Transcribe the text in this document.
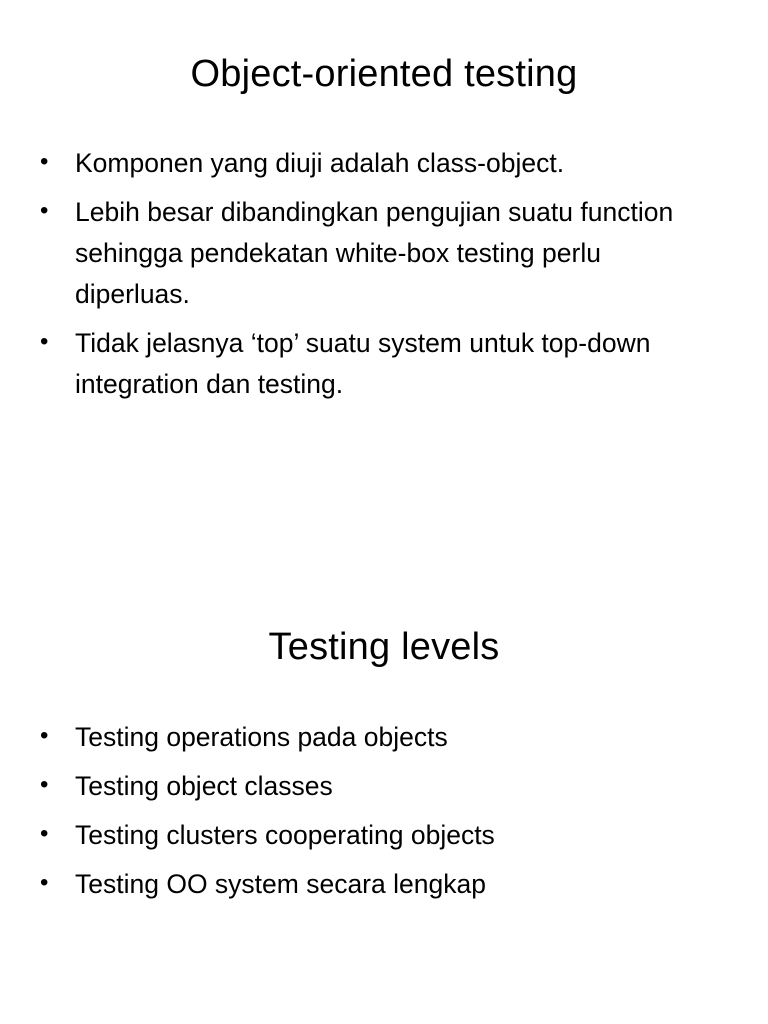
Object-oriented testing
• Komponen yang diuji adalah class-object.
• Lebih besar dibandingkan pengujian suatu function sehingga pendekatan white-box testing perlu diperluas.
• Tidak jelasnya ‘top’ suatu system untuk top-down integration dan testing.
Testing levels
• Testing operations pada objects
• Testing object classes
• Testing clusters cooperating objects
• Testing OO system secara lengkap
